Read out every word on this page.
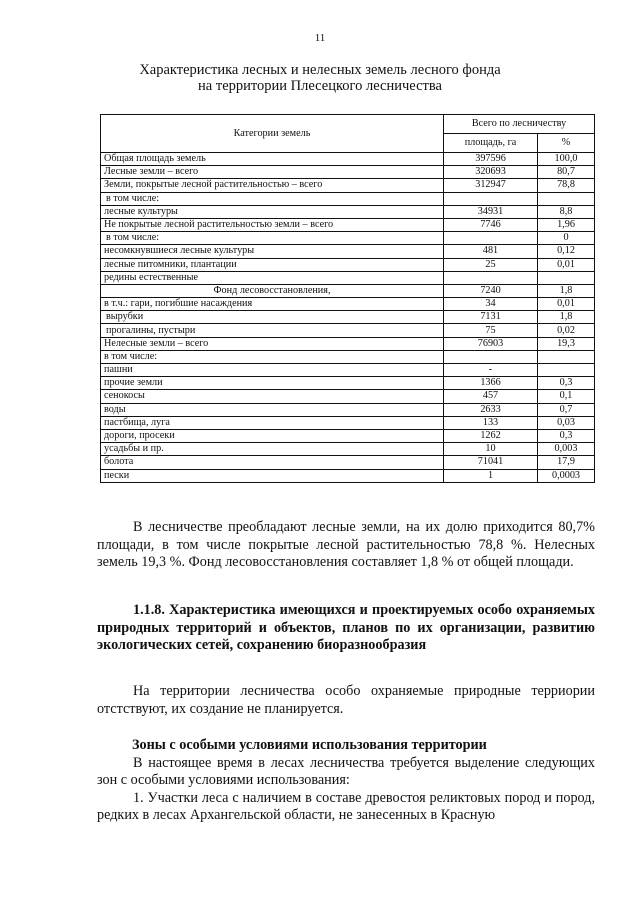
11
Характеристика лесных и нелесных земель лесного фонда
на территории Плесецкого лесничества
Категории земель	Всего по лесничеству	
	площадь, га	%
Общая площадь земель	397596	100,0
Лесные земли – всего	320693	80,7
Земли, покрытые лесной растительностью – всего	312947	78,8
в том числе:		
лесные культуры	34931	8,8
Не покрытые лесной растительностью земли – всего	7746	1,96
в том числе:		0
несомкнувшиеся лесные культуры	481	0,12
лесные питомники, плантации	25	0,01
редины естественные		
Фонд лесовосстановления,	7240	1,8
в т.ч.: гари, погибшие насаждения	34	0,01
вырубки	7131	1,8
прогалины, пустыри	75	0,02
Нелесные земли – всего	76903	19,3
в том числе:		
пашни	-	
прочие земли	1366	0,3
сенокосы	457	0,1
воды	2633	0,7
пастбища, луга	133	0,03
дороги, просеки	1262	0,3
усадьбы и пр.	10	0,003
болота	71041	17,9
пески	1	0,0003
В лесничестве преобладают лесные земли, на их долю приходится 80,7% площади, в том числе покрытые лесной растительностью 78,8 %. Нелесных земель 19,3 %. Фонд лесовосстановления составляет 1,8 % от общей площади.
1.1.8. Характеристика имеющихся и проектируемых особо охраняемых природных территорий и объектов, планов по их организации, развитию экологических сетей, сохранению биоразнообразия
На территории лесничества особо охраняемые природные терриории отстствуют, их создание не планируется.
Зоны с особыми условиями использования территории
В настоящее время в лесах лесничества требуется выделение следующих зон с особыми условиями использования:
1. Участки леса с наличием в составе древостоя реликтовых пород и пород, редких в лесах Архангельской области, не занесенных в Красную
